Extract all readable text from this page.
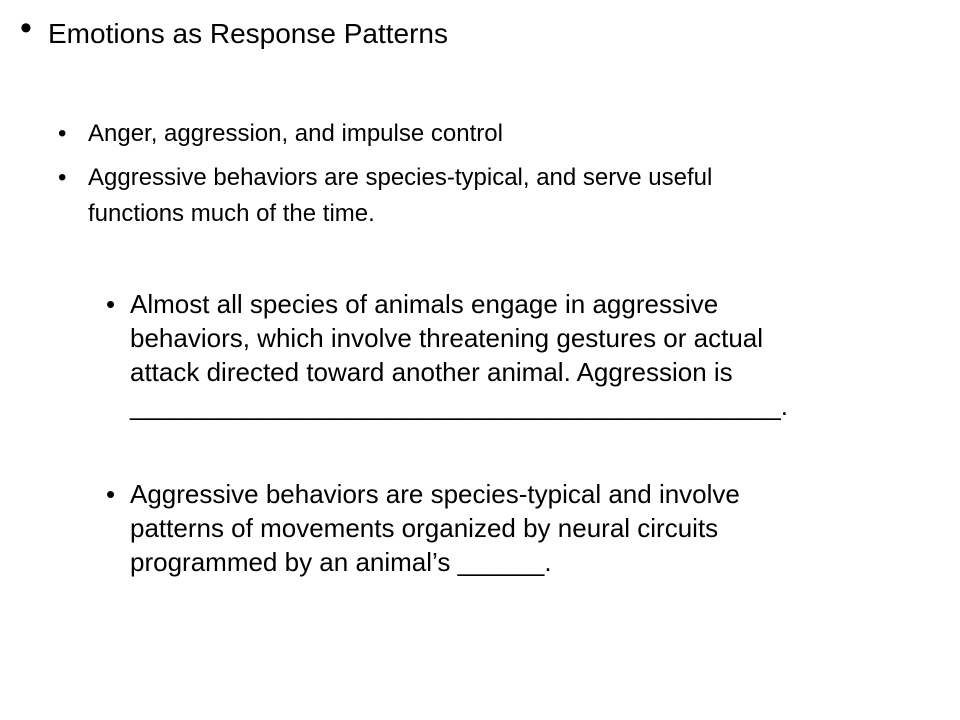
• Emotions as Response Patterns
• Anger, aggression, and impulse control
• Aggressive behaviors are species-typical, and serve useful
functions much of the time.
• Almost all species of animals engage in aggressive
behaviors, which involve threatening gestures or actual
attack directed toward another animal. Aggression is
_____________________________________________.
• Aggressive behaviors are species-typical and involve
patterns of movements organized by neural circuits
programmed by an animal’s ______.
